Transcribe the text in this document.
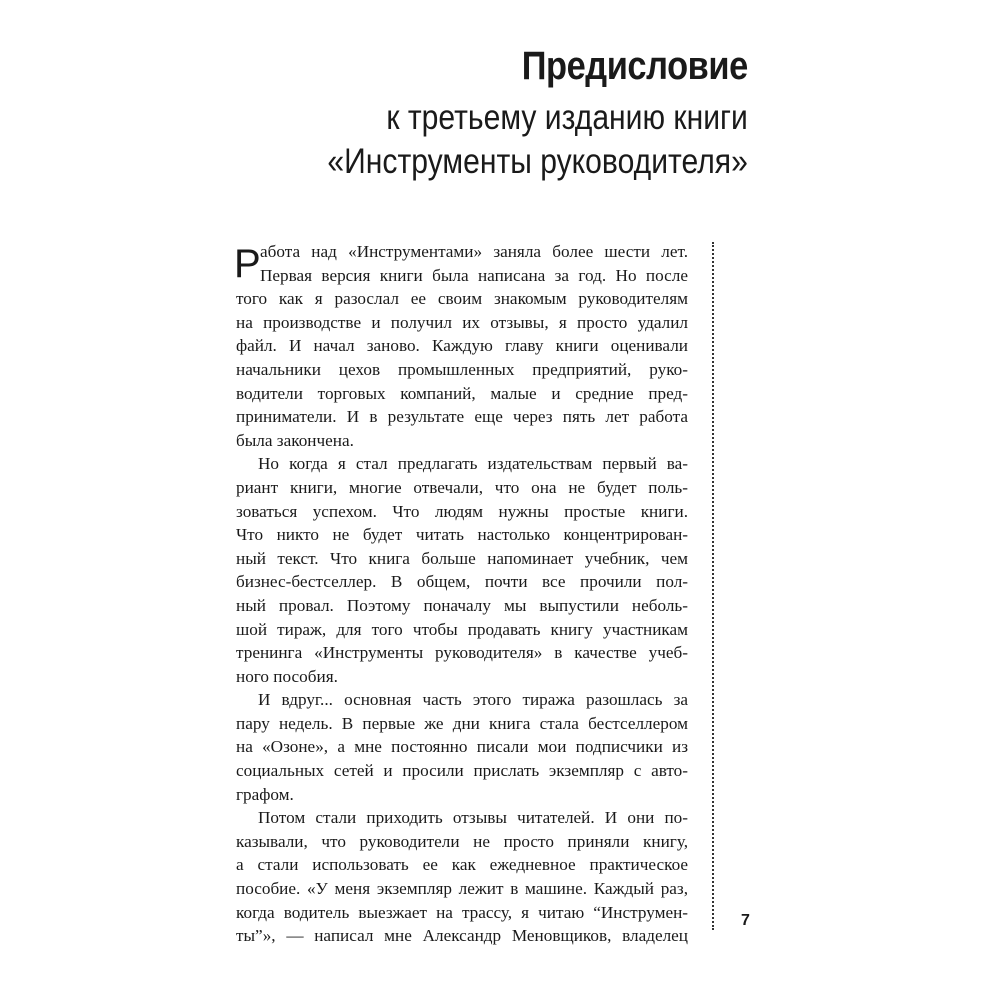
Предисловие
к третьему изданию книги
«Инструменты руководителя»
Р абота над «Инструментами» заняла более шести лет.
Первая версия книги была написана за год. Но после
того как я разослал ее своим знакомым руководителям
на производстве и получил их отзывы, я просто удалил
файл. И начал заново. Каждую главу книги оценивали
начальники цехов промышленных предприятий, руко-
водители торговых компаний, малые и средние пред-
приниматели. И в результате еще через пять лет работа
была закончена.
Но когда я стал предлагать издательствам первый ва-
риант книги, многие отвечали, что она не будет поль-
зоваться успехом. Что людям нужны простые книги.
Что никто не будет читать настолько концентрирован-
ный текст. Что книга больше напоминает учебник, чем
бизнес-бестселлер. В общем, почти все прочили пол-
ный провал. Поэтому поначалу мы выпустили неболь-
шой тираж, для того чтобы продавать книгу участникам
тренинга «Инструменты руководителя» в качестве учеб-
ного пособия.
И вдруг... основная часть этого тиража разошлась за
пару недель. В первые же дни книга стала бестселлером
на «Озоне», а мне постоянно писали мои подписчики из
социальных сетей и просили прислать экземпляр с авто-
графом.
Потом стали приходить отзывы читателей. И они по-
казывали, что руководители не просто приняли книгу,
а стали использовать ее как ежедневное практическое
пособие. «У меня экземпляр лежит в машине. Каждый раз,
когда водитель выезжает на трассу, я читаю “Инструмен-
ты”», — написал мне Александр Меновщиков, владелец
7
